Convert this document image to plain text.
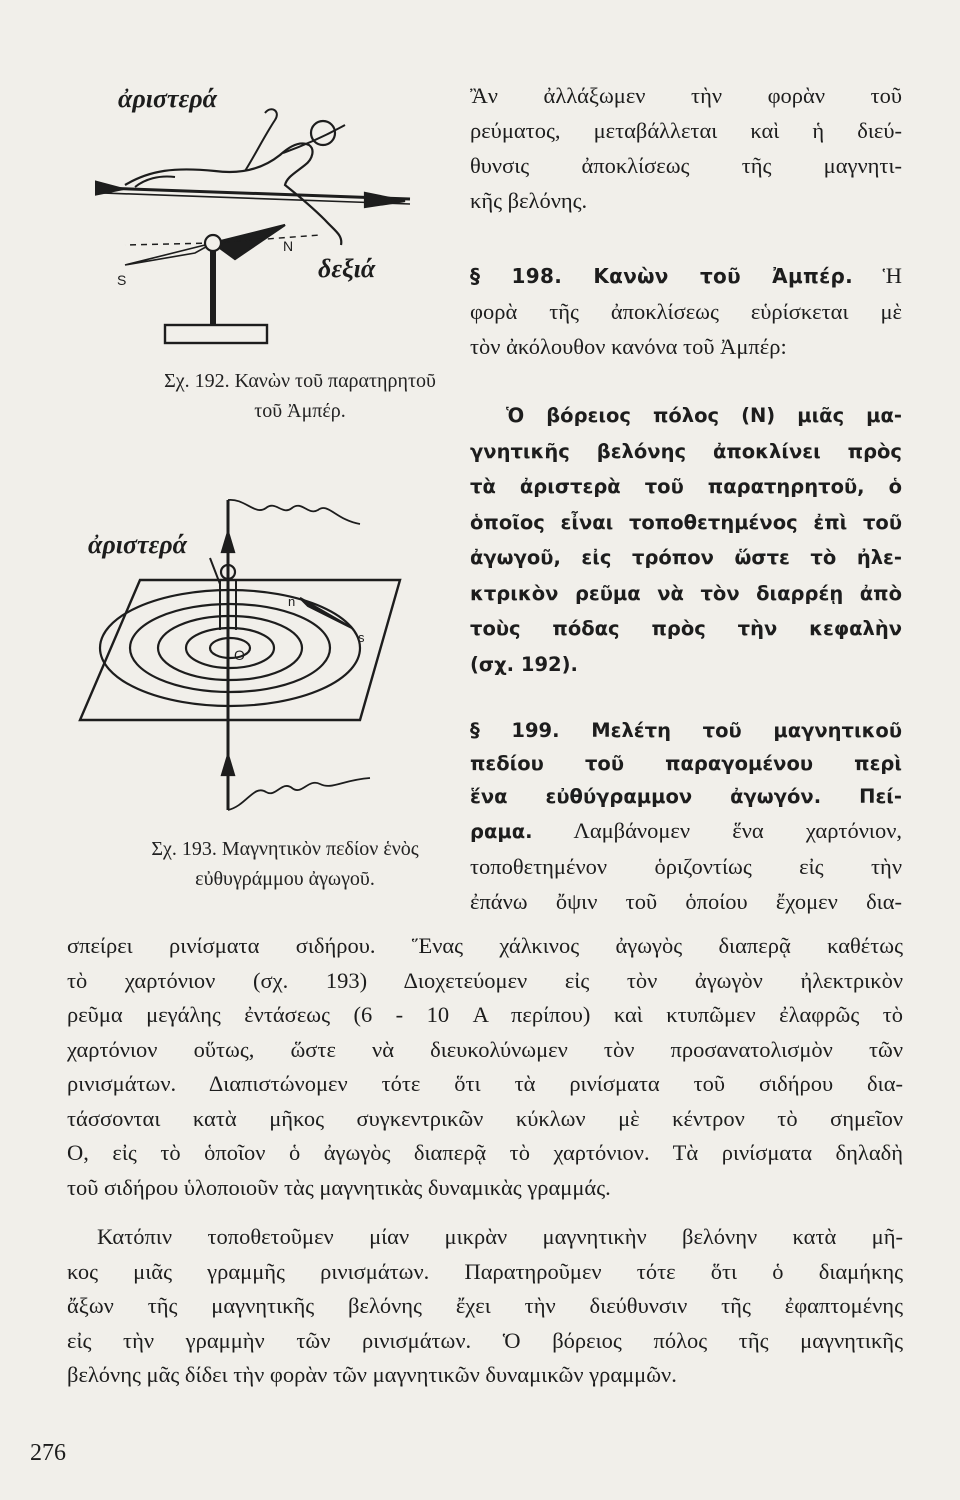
N
S
ἀριστερά
δεξιά
Σχ. 192. Κανὼν τοῦ παρατηρητοῦ
τοῦ Ἀμπέρ.
O
n
s
ἀριστερά
Σχ. 193. Μαγνητικὸν πεδίον ἑνὸς
εὐθυγράμμου ἀγωγοῦ.
Ἂν ἀλλάξωμεν τὴν φορὰν τοῦ
ρεύματος, μεταβάλλεται καὶ ἡ διεύ-
θυνσις ἀποκλίσεως τῆς μαγνητι-
κῆς βελόνης.
§ 198. Κανὼν τοῦ Ἀμπέρ. Ἡ
φορὰ τῆς ἀποκλίσεως εὑρίσκεται μὲ
τὸν ἀκόλουθον κανόνα τοῦ Ἀμπέρ:
Ὁ βόρειος πόλος (N) μιᾶς μα-
γνητικῆς βελόνης ἀποκλίνει πρὸς
τὰ ἀριστερὰ τοῦ παρατηρητοῦ, ὁ
ὁποῖος εἶναι τοποθετημένος ἐπὶ τοῦ
ἀγωγοῦ, εἰς τρόπον ὥστε τὸ ἠλε-
κτρικὸν ρεῦμα νὰ τὸν διαρρέῃ ἀπὸ
τοὺς πόδας πρὸς τὴν κεφαλὴν
(σχ. 192).
§ 199. Μελέτη τοῦ μαγνητικοῦ
πεδίου τοῦ παραγομένου περὶ
ἕνα εὐθύγραμμον ἀγωγόν. Πεί-
ραμα. Λαμβάνομεν ἕνα χαρτόνιον,
τοποθετημένον ὁριζοντίως εἰς τὴν
ἐπάνω ὄψιν τοῦ ὁποίου ἔχομεν δια-
σπείρει ρινίσματα σιδήρου. Ἕνας χάλκινος ἀγωγὸς διαπερᾷ καθέτως
τὸ χαρτόνιον (σχ. 193) Διοχετεύομεν εἰς τὸν ἀγωγὸν ἠλεκτρικὸν
ρεῦμα μεγάλης ἐντάσεως (6 - 10 A περίπου) καὶ κτυπῶμεν ἐλαφρῶς τὸ
χαρτόνιον οὕτως, ὥστε νὰ διευκολύνωμεν τὸν προσανατολισμὸν τῶν
ρινισμάτων. Διαπιστώνομεν τότε ὅτι τὰ ρινίσματα τοῦ σιδήρου δια-
τάσσονται κατὰ μῆκος συγκεντρικῶν κύκλων μὲ κέντρον τὸ σημεῖον
O, εἰς τὸ ὁποῖον ὁ ἀγωγὸς διαπερᾷ τὸ χαρτόνιον. Τὰ ρινίσματα δηλαδὴ
τοῦ σιδήρου ὑλοποιοῦν τὰς μαγνητικὰς δυναμικὰς γραμμάς.
Κατόπιν τοποθετοῦμεν μίαν μικρὰν μαγνητικὴν βελόνην κατὰ μῆ-
κος μιᾶς γραμμῆς ρινισμάτων. Παρατηροῦμεν τότε ὅτι ὁ διαμήκης
ἄξων τῆς μαγνητικῆς βελόνης ἔχει τὴν διεύθυνσιν τῆς ἐφαπτομένης
εἰς τὴν γραμμὴν τῶν ρινισμάτων. Ὁ βόρειος πόλος τῆς μαγνητικῆς
βελόνης μᾶς δίδει τὴν φορὰν τῶν μαγνητικῶν δυναμικῶν γραμμῶν.
276
